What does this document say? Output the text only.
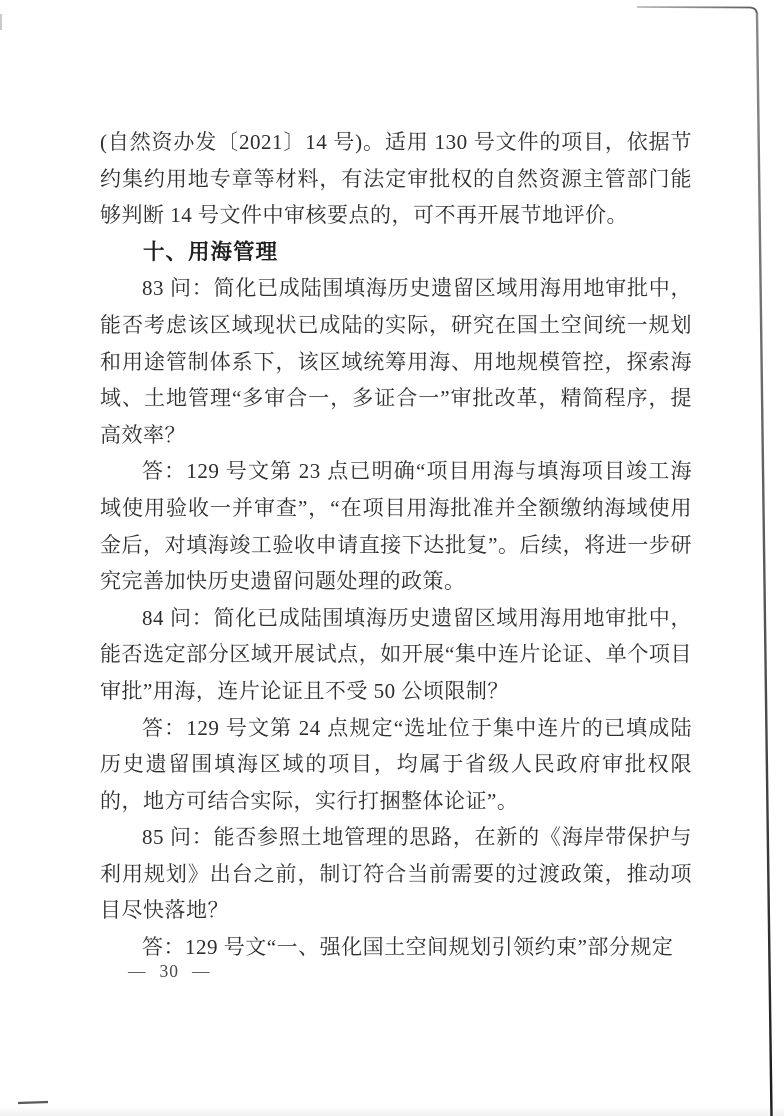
(自然资办发〔2021〕14 号)。适用 130 号文件的项目，依据节约集约用地专章等材料，有法定审批权的自然资源主管部门能够判断 14 号文件中审核要点的，可不再开展节地评价。

十、用海管理

83 问：简化已成陆围填海历史遗留区域用海用地审批中，能否考虑该区域现状已成陆的实际，研究在国土空间统一规划和用途管制体系下，该区域统筹用海、用地规模管控，探索海域、土地管理“多审合一，多证合一”审批改革，精简程序，提高效率？

答：129 号文第 23 点已明确“项目用海与填海项目竣工海域使用验收一并审查”，“在项目用海批准并全额缴纳海域使用金后，对填海竣工验收申请直接下达批复”。后续，将进一步研究完善加快历史遗留问题处理的政策。

84 问：简化已成陆围填海历史遗留区域用海用地审批中，能否选定部分区域开展试点，如开展“集中连片论证、单个项目审批”用海，连片论证且不受 50 公顷限制？

答：129 号文第 24 点规定“选址位于集中连片的已填成陆历史遗留围填海区域的项目，均属于省级人民政府审批权限的，地方可结合实际，实行打捆整体论证”。

85 问：能否参照土地管理的思路，在新的《海岸带保护与利用规划》出台之前，制订符合当前需要的过渡政策，推动项目尽快落地？

答：129 号文“一、强化国土空间规划引领约束”部分规定

— 30 —
